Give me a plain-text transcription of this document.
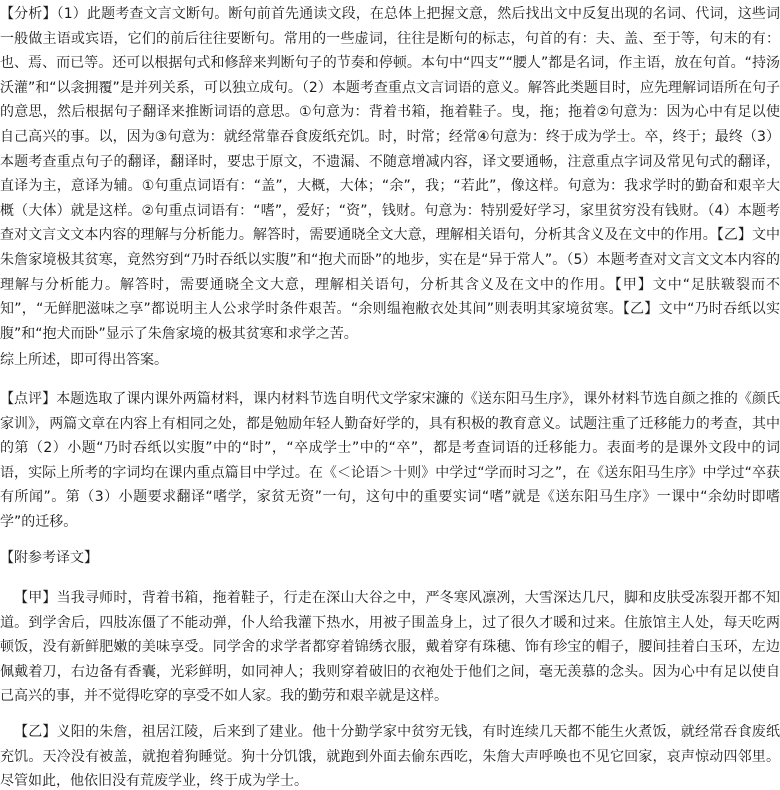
【分析】（1）此题考查文言文断句。断句前首先通读文段，在总体上把握文意，然后找出文中反复出现的名词、代词，这些词一般做主语或宾语，它们的前后往往要断句。常用的一些虚词，往往是断句的标志，句首的有：夫、盖、至于等，句末的有：也、焉、而已等。还可以根据句式和修辞来判断句子的节奏和停顿。本句中“四支”“腰人”都是名词，作主语，放在句首。“持汤沃灌”和“以衾拥覆”是并列关系，可以独立成句。（2）本题考查重点文言词语的意义。解答此类题目时，应先理解词语所在句子的意思，然后根据句子翻译来推断词语的意思。①句意为：背着书箱，拖着鞋子。曳，拖；拖着②句意为：因为心中有足以使自己高兴的事。以，因为③句意为：就经常靠吞食废纸充饥。时，时常；经常④句意为：终于成为学士。卒，终于；最终（3）本题考查重点句子的翻译，翻译时，要忠于原文，不遗漏、不随意增减内容，译文要通畅，注意重点字词及常见句式的翻译，直译为主，意译为辅。①句重点词语有：“盖”，大概，大体；“余”，我；“若此”，像这样。句意为：我求学时的勤奋和艰辛大概（大体）就是这样。②句重点词语有：“嗜”，爱好；“资”，钱财。句意为：特别爱好学习，家里贫穷没有钱财。（4）本题考查对文言文文本内容的理解与分析能力。解答时，需要通晓全文大意，理解相关语句，分析其含义及在文中的作用。【乙】文中朱詹家境极其贫寒，竟然穷到“乃时吞纸以实腹”和“抱犬而卧”的地步，实在是“异于常人”。（5）本题考查对文言文文本内容的理解与分析能力。解答时，需要通晓全文大意，理解相关语句，分析其含义及在文中的作用。【甲】文中“足肤皲裂而不知”，“无鲜肥滋味之享”都说明主人公求学时条件艰苦。“余则缊袍敝衣处其间”则表明其家境贫寒。【乙】文中“乃时吞纸以实腹”和“抱犬而卧”显示了朱詹家境的极其贫寒和求学之苦。

综上所述，即可得出答案。

【点评】本题选取了课内课外两篇材料，课内材料节选自明代文学家宋濂的《送东阳马生序》，课外材料节选自颜之推的《颜氏家训》，两篇文章在内容上有相同之处，都是勉励年轻人勤奋好学的，具有积极的教育意义。试题注重了迁移能力的考查，其中的第（2）小题“乃时吞纸以实腹”中的“时”，“卒成学士”中的“卒”，都是考查词语的迁移能力。表面考的是课外文段中的词语，实际上所考的字词均在课内重点篇目中学过。在《＜论语＞十则》中学过“学而时习之”，在《送东阳马生序》中学过“卒获有所闻”。第（3）小题要求翻译“嗜学，家贫无资”一句，这句中的重要实词“嗜”就是《送东阳马生序》一课中“余幼时即嗜学”的迁移。

【附参考译文】

【甲】当我寻师时，背着书箱，拖着鞋子，行走在深山大谷之中，严冬寒风凛冽，大雪深达几尺，脚和皮肤受冻裂开都不知道。到学舍后，四肢冻僵了不能动弹，仆人给我灌下热水，用被子围盖身上，过了很久才暖和过来。住旅馆主人处，每天吃两顿饭，没有新鲜肥嫩的美味享受。同学舍的求学者都穿着锦绣衣服，戴着穿有珠穗、饰有珍宝的帽子，腰间挂着白玉环，左边佩戴着刀，右边备有香囊，光彩鲜明，如同神人；我则穿着破旧的衣袍处于他们之间，毫无羡慕的念头。因为心中有足以使自己高兴的事，并不觉得吃穿的享受不如人家。我的勤劳和艰辛就是这样。

【乙】义阳的朱詹，祖居江陵，后来到了建业。他十分勤学家中贫穷无钱，有时连续几天都不能生火煮饭，就经常吞食废纸充饥。天冷没有被盖，就抱着狗睡觉。狗十分饥饿，就跑到外面去偷东西吃，朱詹大声呼唤也不见它回家，哀声惊动四邻里。尽管如此，他依旧没有荒废学业，终于成为学士。
